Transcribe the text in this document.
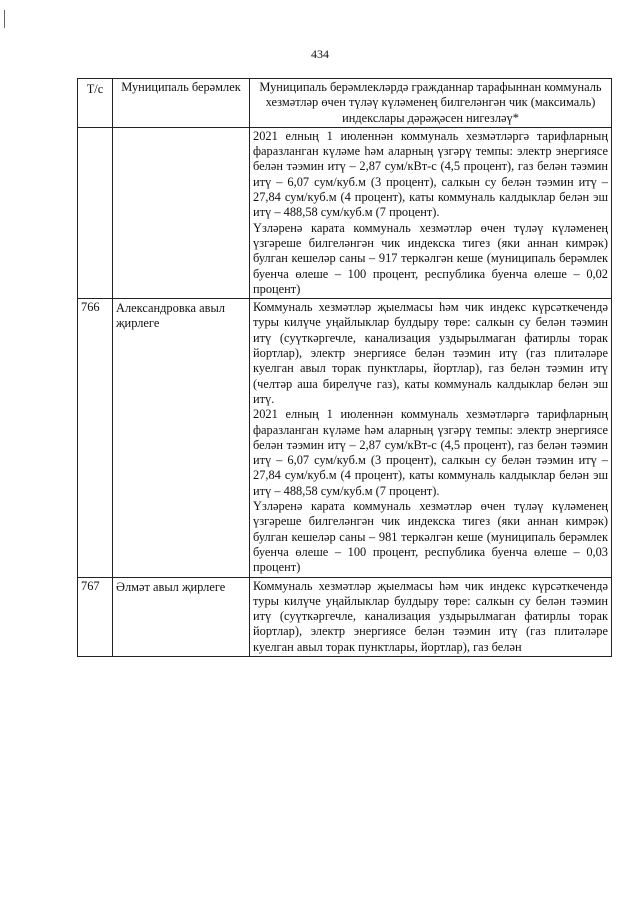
434
Т/с	Муниципаль берәмлек	Муниципаль берәмлекләрдә гражданнар тарафыннан коммуналь хезмәтләр өчен түләү күләменең билгеләнгән чик (максималь) индекслары дәрәҗәсен нигезләү*

		2021 елның 1 июленнән коммуналь хезмәтләргә тарифларның фаразланган күләме һәм аларның үзгәрү темпы: электр энергиясе белән тәэмин итү – 2,87 сум/кВт-с (4,5 процент), газ белән тәэмин итү – 6,07 сум/куб.м (3 процент), салкын су белән тәэмин итү – 27,84 сум/куб.м (4 процент), каты коммуналь калдыклар белән эш итү – 488,58 сум/куб.м (7 процент).

Үзләренә карата коммуналь хезмәтләр өчен түләү күләменең үзгәреше билгеләнгән чик индекска тигез (яки аннан кимрәк) булган кешеләр саны – 917 теркәлгән кеше (муниципаль берәмлек буенча өлеше – 100 процент, республика буенча өлеше – 0,02 процент)

766	Александровка авыл җирлеге	Коммуналь хезмәтләр җыелмасы һәм чик индекс күрсәткечендә туры килүче уңайлыклар булдыру төре: салкын су белән тәэмин итү (суүткәргечле, канализация уздырылмаган фатирлы торак йортлар), электр энергиясе белән тәэмин итү (газ плитәләре куелган авыл торак пунктлары, йортлар), газ белән тәэмин итү (челтәр аша бирелүче газ), каты коммуналь калдыклар белән эш итү.

2021 елның 1 июленнән коммуналь хезмәтләргә тарифларның фаразланган күләме һәм аларның үзгәрү темпы: электр энергиясе белән тәэмин итү – 2,87 сум/кВт-с (4,5 процент), газ белән тәэмин итү – 6,07 сум/куб.м (3 процент), салкын су белән тәэмин итү – 27,84 сум/куб.м (4 процент), каты коммуналь калдыклар белән эш итү – 488,58 сум/куб.м (7 процент).

Үзләренә карата коммуналь хезмәтләр өчен түләү күләменең үзгәреше билгеләнгән чик индекска тигез (яки аннан кимрәк) булган кешеләр саны – 981 теркәлгән кеше (муниципаль берәмлек буенча өлеше – 100 процент, республика буенча өлеше – 0,03 процент)

767	Әлмәт авыл җирлеге	Коммуналь хезмәтләр җыелмасы һәм чик индекс күрсәткечендә туры килүче уңайлыклар булдыру төре: салкын су белән тәэмин итү (суүткәргечле, канализация уздырылмаган фатирлы торак йортлар), электр энергиясе белән тәэмин итү (газ плитәләре куелган авыл торак пунктлары, йортлар), газ белән
